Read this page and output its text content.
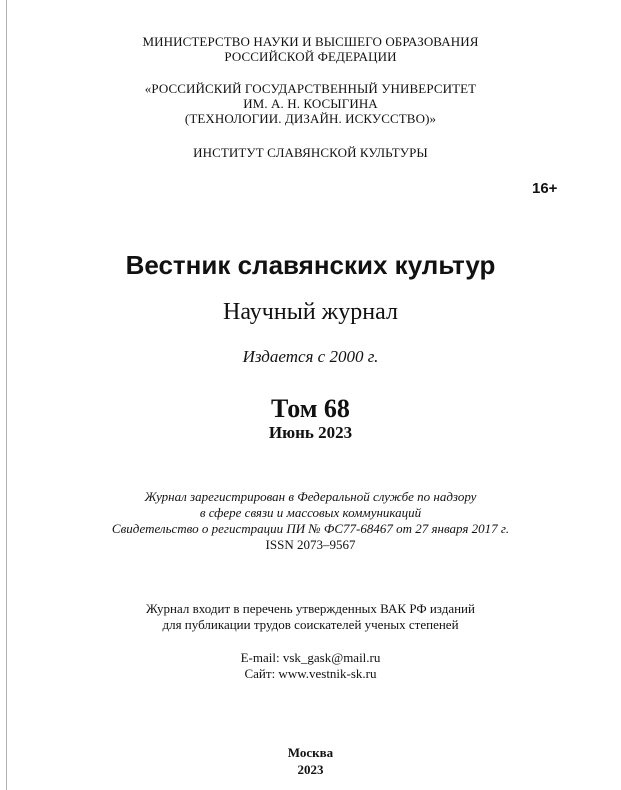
МИНИСТЕРСТВО НАУКИ И ВЫСШЕГО ОБРАЗОВАНИЯ
РОССИЙСКОЙ ФЕДЕРАЦИИ
«РОССИЙСКИЙ ГОСУДАРСТВЕННЫЙ УНИВЕРСИТЕТ
ИМ. А. Н. КОСЫГИНА
(ТЕХНОЛОГИИ. ДИЗАЙН. ИСКУССТВО)»
ИНСТИТУТ СЛАВЯНСКОЙ КУЛЬТУРЫ
16+
Вестник славянских культур
Научный журнал
Издается с 2000 г.
Том 68
Июнь 2023
Журнал зарегистрирован в Федеральной службе по надзору
в сфере связи и массовых коммуникаций
Свидетельство о регистрации ПИ № ФС77-68467 от 27 января 2017 г.
ISSN 2073–9567
Журнал входит в перечень утвержденных ВАК РФ изданий
для публикации трудов соискателей ученых степеней
E-mail: vsk_gask@mail.ru
Сайт: www.vestnik-sk.ru
Москва
2023
